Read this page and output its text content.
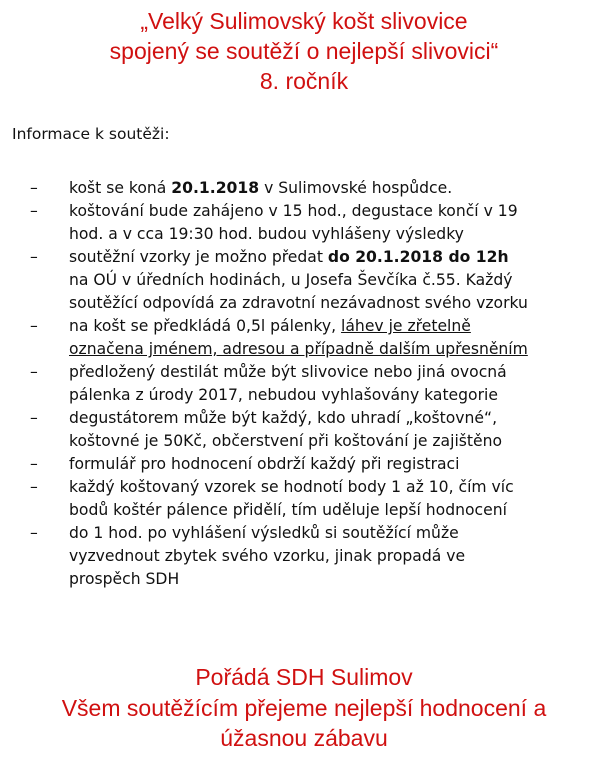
„Velký Sulimovský košt slivovice
spojený se soutěží o nejlepší slivovici“
8. ročník
Informace k soutěži:
– košt se koná 20.1.2018 v Sulimovské hospůdce.
– koštování bude zahájeno v 15 hod., degustace končí v 19
hod. a v cca 19:30 hod. budou vyhlášeny výsledky
– soutěžní vzorky je možno předat do 20.1.2018 do 12h
na OÚ v úředních hodinách, u Josefa Ševčíka č.55. Každý
soutěžící odpovídá za zdravotní nezávadnost svého vzorku
– na košt se předkládá 0,5l pálenky, láhev je zřetelně
označena jménem, adresou a případně dalším upřesněním
– předložený destilát může být slivovice nebo jiná ovocná
pálenka z úrody 2017, nebudou vyhlašovány kategorie
– degustátorem může být každý, kdo uhradí „koštovné“,
koštovné je 50Kč, občerstvení při koštování je zajištěno
– formulář pro hodnocení obdrží každý při registraci
– každý koštovaný vzorek se hodnotí body 1 až 10, čím víc
bodů koštér pálence přidělí, tím uděluje lepší hodnocení
– do 1 hod. po vyhlášení výsledků si soutěžící může
vyzvednout zbytek svého vzorku, jinak propadá ve
prospěch SDH
Pořádá SDH Sulimov
Všem soutěžícím přejeme nejlepší hodnocení a
úžasnou zábavu
